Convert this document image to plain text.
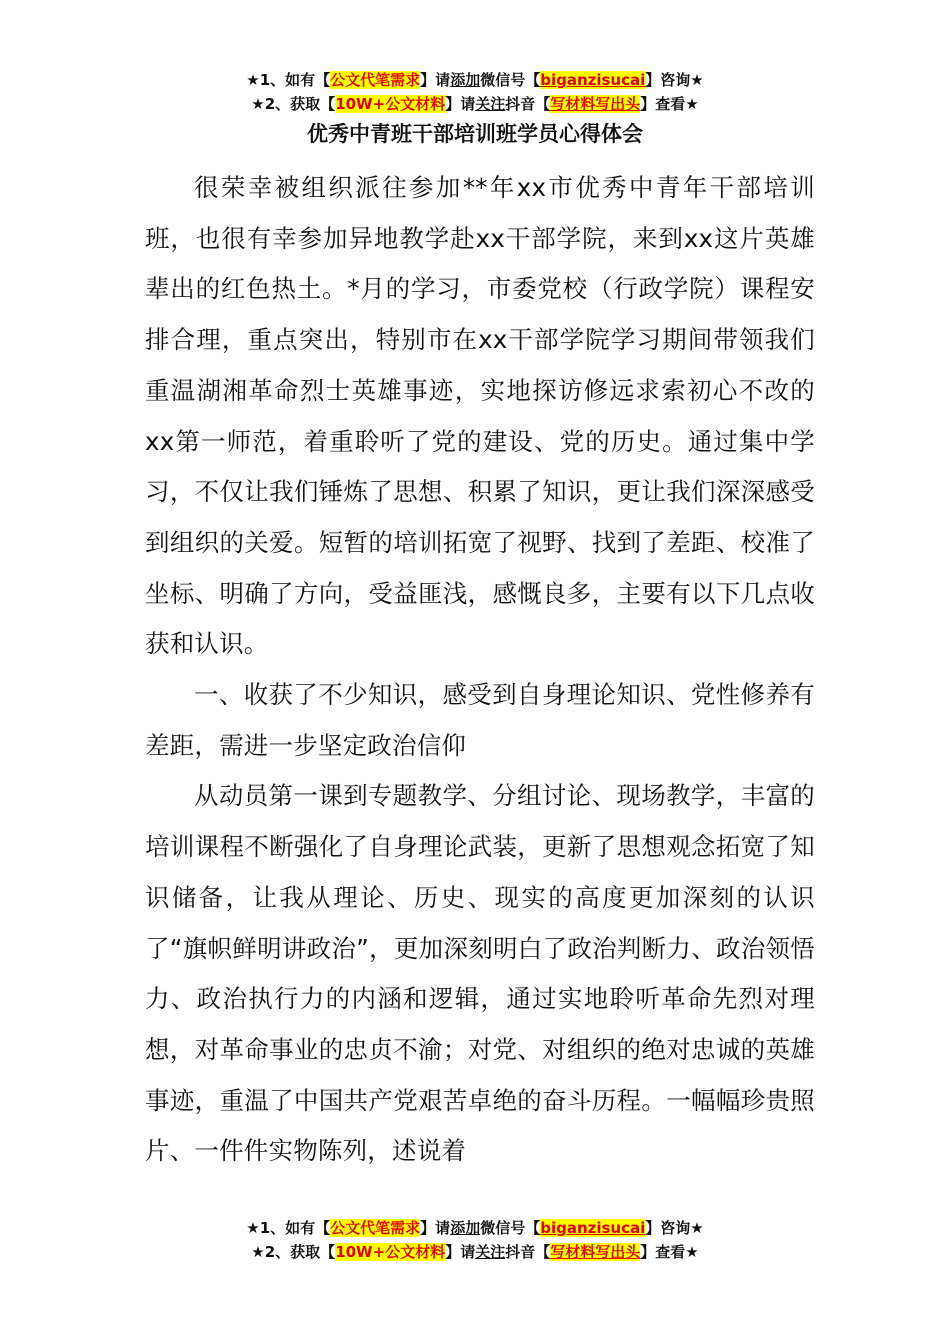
★1、如有【公文代笔需求】请添加微信号【biganzisucai】咨询★
★2、获取【10W+公文材料】请关注抖音【写材料写出头】查看★
优秀中青班干部培训班学员心得体会

很荣幸被组织派往参加**年xx市优秀中青年干部培训班，也很有幸参加异地教学赴xx干部学院，来到xx这片英雄辈出的红色热土。*月的学习，市委党校（行政学院）课程安排合理，重点突出，特别市在xx干部学院学习期间带领我们重温湖湘革命烈士英雄事迹，实地探访修远求索初心不改的xx第一师范，着重聆听了党的建设、党的历史。通过集中学习，不仅让我们锤炼了思想、积累了知识，更让我们深深感受到组织的关爱。短暂的培训拓宽了视野、找到了差距、校准了坐标、明确了方向，受益匪浅，感慨良多，主要有以下几点收获和认识。

一、收获了不少知识，感受到自身理论知识、党性修养有差距，需进一步坚定政治信仰

从动员第一课到专题教学、分组讨论、现场教学，丰富的培训课程不断强化了自身理论武装，更新了思想观念拓宽了知识储备，让我从理论、历史、现实的高度更加深刻的认识了“旗帜鲜明讲政治”，更加深刻明白了政治判断力、政治领悟力、政治执行力的内涵和逻辑，通过实地聆听革命先烈对理想，对革命事业的忠贞不渝；对党、对组织的绝对忠诚的英雄事迹，重温了中国共产党艰苦卓绝的奋斗历程。一幅幅珍贵照片、一件件实物陈列，述说着

★1、如有【公文代笔需求】请添加微信号【biganzisucai】咨询★
★2、获取【10W+公文材料】请关注抖音【写材料写出头】查看★
